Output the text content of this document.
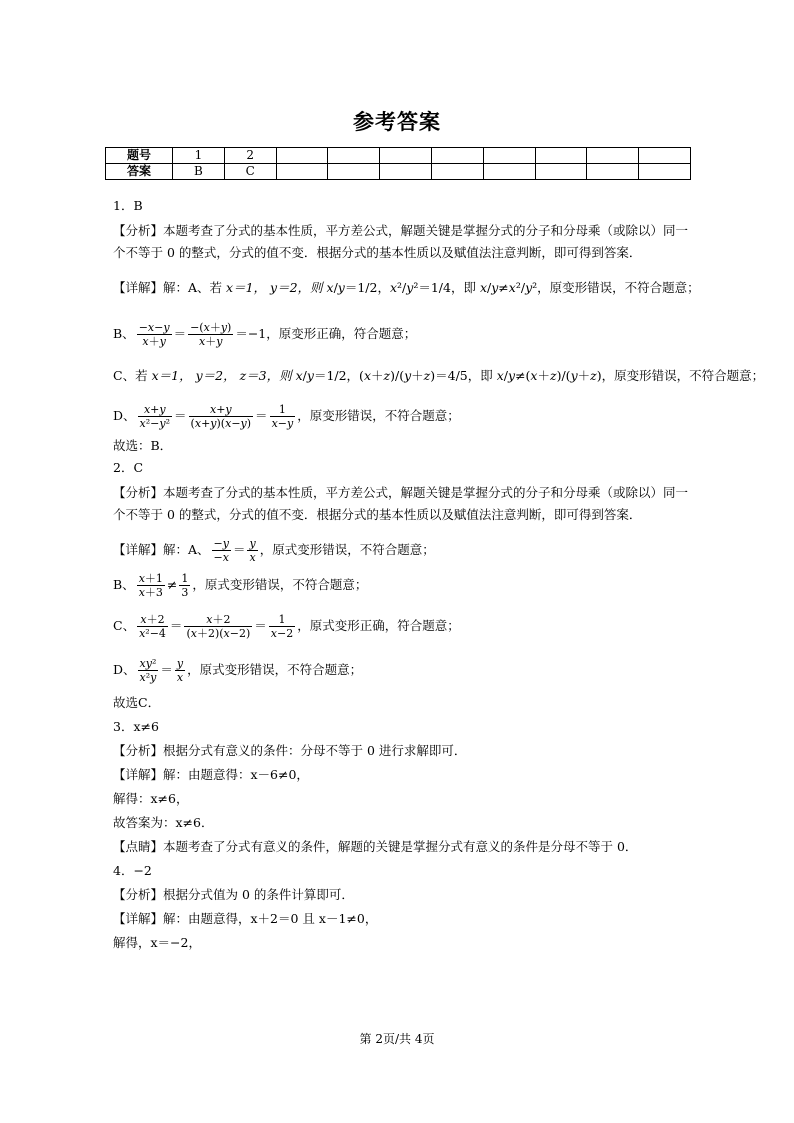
参考答案
题号	1	2								
答案	B	C								
1．B
【分析】本题考查了分式的基本性质，平方差公式，解题关键是掌握分式的分子和分母乘（或除以）同一个不等于 0 的整式，分式的值不变．根据分式的基本性质以及赋值法注意判断，即可得到答案．
【详解】解：A、若 x＝1， y＝2，则 x/y＝1/2，x²/y²＝1/4，即 x/y≠x²/y²，原变形错误，不符合题意；
B、 $\frac{-x-y}{x+y} = \frac{-(x+y)}{x+y} =-1$，原变形正确，符合题意；
C、若 x＝1， y＝2， z＝3，则 x/y＝1/2，(x＋z)/(y＋z)＝4/5，即 x/y≠(x＋z)/(y＋z)，原变形错误，不符合题意；
D、 $\frac{x+y}{\text{x²−y²}} = \frac{x+y}{(x+y)(x-y)} = \frac{1}{x-y}$ ，原变形错误，不符合题意；
故选：B．
2．C
【分析】本题考查了分式的基本性质，平方差公式，解题关键是掌握分式的分子和分母乘（或除以）同一个不等于 0 的整式，分式的值不变．根据分式的基本性质以及赋值法注意判断，即可得到答案．
【详解】解：A、 $\frac{-y}{-x} = \frac{y}{x}$ ，原式变形错误，不符合题意；
B、 $\frac{x+1}{x+3} \ne \frac{1}{3}$ ，原式变形错误，不符合题意；
C、 $\frac{x+2}{\text{x²−4}} = \frac{x+2}{(x+2)(x-2)} = \frac{1}{x-2}$ ，原式变形正确，符合题意；
D、 $\frac{\text{xy²}}{\text{x²y}} = \frac{y}{x}$ ，原式变形错误，不符合题意；
故选C．
3．x≠6
【分析】根据分式有意义的条件：分母不等于 0 进行求解即可．
【详解】解：由题意得：x－6≠0，
解得：x≠6，
故答案为：x≠6．
【点睛】本题考查了分式有意义的条件，解题的关键是掌握分式有意义的条件是分母不等于 0．
4．−2
【分析】根据分式值为 0 的条件计算即可．
【详解】解：由题意得，x＋2＝0 且 x－1≠0，
解得，x＝−2，
第 2页/共 4页
